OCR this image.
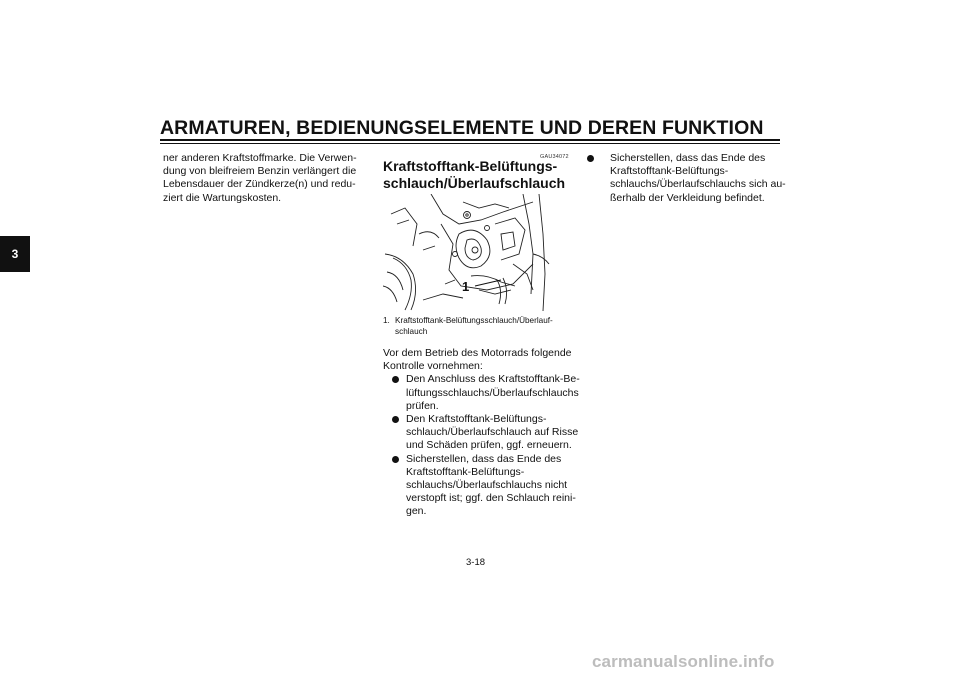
ARMATUREN, BEDIENUNGSELEMENTE UND DEREN FUNKTION
3

ner anderen Kraftstoffmarke. Die Verwen-

dung von bleifreiem Benzin verlängert die

Lebensdauer der Zündkerze(n) und redu-

ziert die Wartungskosten.

GAU34072
Kraftstofftank-Belüftungs-
schlauch/Überlaufschlauch
1
1. Kraftstofftank-Belüftungsschlauch/Überlauf-
schlauch

Vor dem Betrieb des Motorrads folgende

Kontrolle vornehmen:

Den Anschluss des Kraftstofftank-Be-
lüftungsschlauchs/Überlaufschlauchs
prüfen.
Den Kraftstofftank-Belüftungs-
schlauch/Überlaufschlauch auf Risse
und Schäden prüfen, ggf. erneuern.
Sicherstellen, dass das Ende des
Kraftstofftank-Belüftungs-
schlauchs/Überlaufschlauchs nicht
verstopft ist; ggf. den Schlauch reini-
gen.
Sicherstellen, dass das Ende des
Kraftstofftank-Belüftungs-
schlauchs/Überlaufschlauchs sich au-
ßerhalb der Verkleidung befindet.
3-18
carmanualsonline.info
